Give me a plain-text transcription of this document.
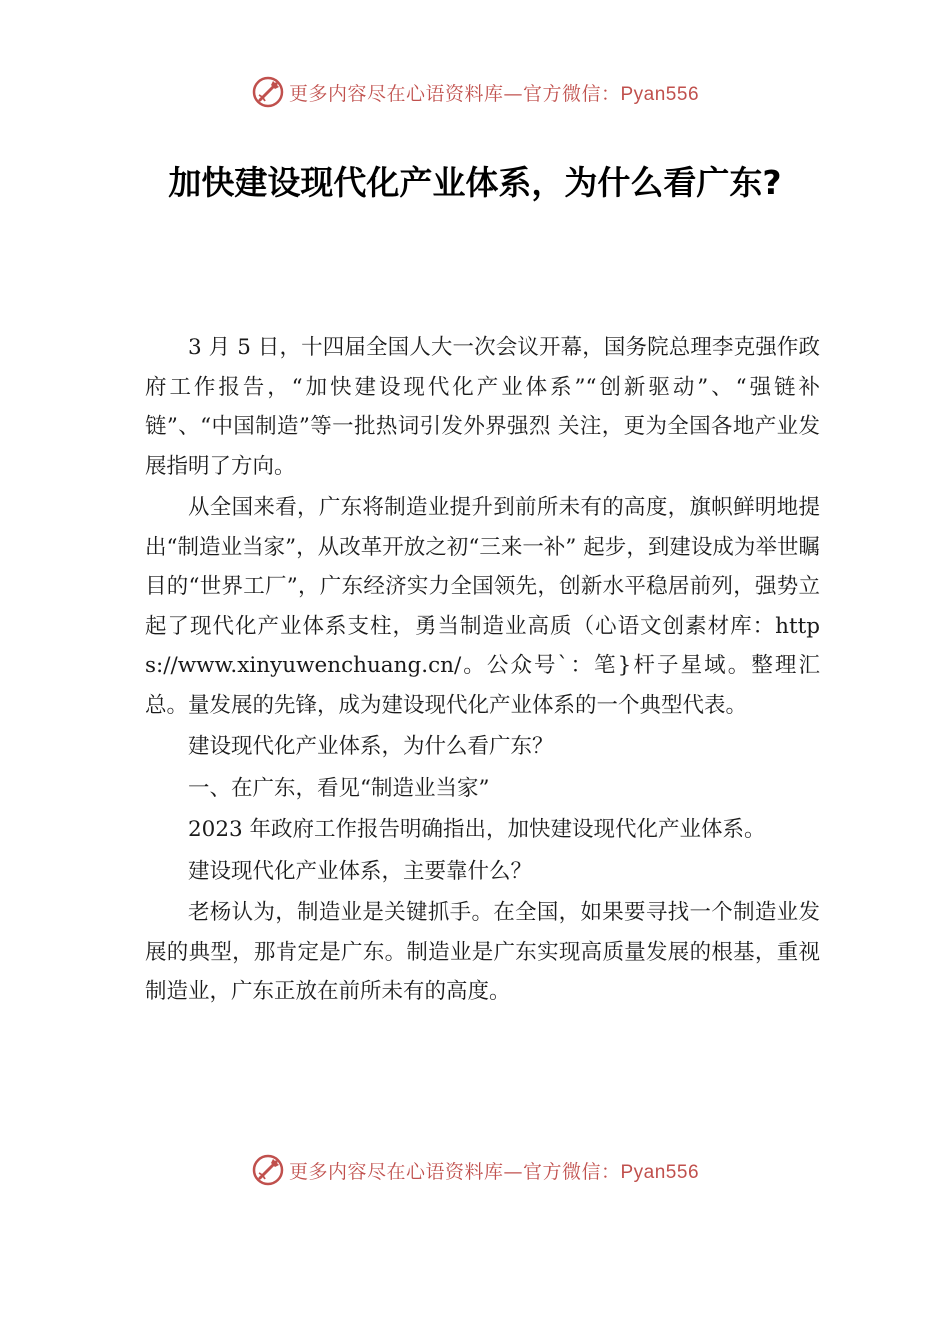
更多内容尽在心语资料库—官方微信：Pyan556
加快建设现代化产业体系，为什么看广东?

3 月 5 日，十四届全国人大一次会议开幕，国务院总理李克强作政府工作报告，“加快建设现代化产业体系”“创新驱动”、“强链补链”、“中国制造”等一批热词引发外界强烈 关注，更为全国各地产业发展指明了方向。

从全国来看，广东将制造业提升到前所未有的高度，旗帜鲜明地提出“制造业当家”，从改革开放之初“三来一补” 起步，到建设成为举世瞩目的“世界工厂”，广东经济实力全国领先，创新水平稳居前列，强势立起了现代化产业体系支柱，勇当制造业高质（心语文创素材库：https://www.xinyuwenchuang.cn/。公众号`：笔}杆子星域。整理汇总。量发展的先锋，成为建设现代化产业体系的一个典型代表。

建设现代化产业体系，为什么看广东？

一、在广东，看见“制造业当家”

2023 年政府工作报告明确指出，加快建设现代化产业体系。

建设现代化产业体系，主要靠什么？

老杨认为，制造业是关键抓手。在全国，如果要寻找一个制造业发展的典型，那肯定是广东。制造业是广东实现高质量发展的根基，重视制造业，广东正放在前所未有的高度。

更多内容尽在心语资料库—官方微信：Pyan556
